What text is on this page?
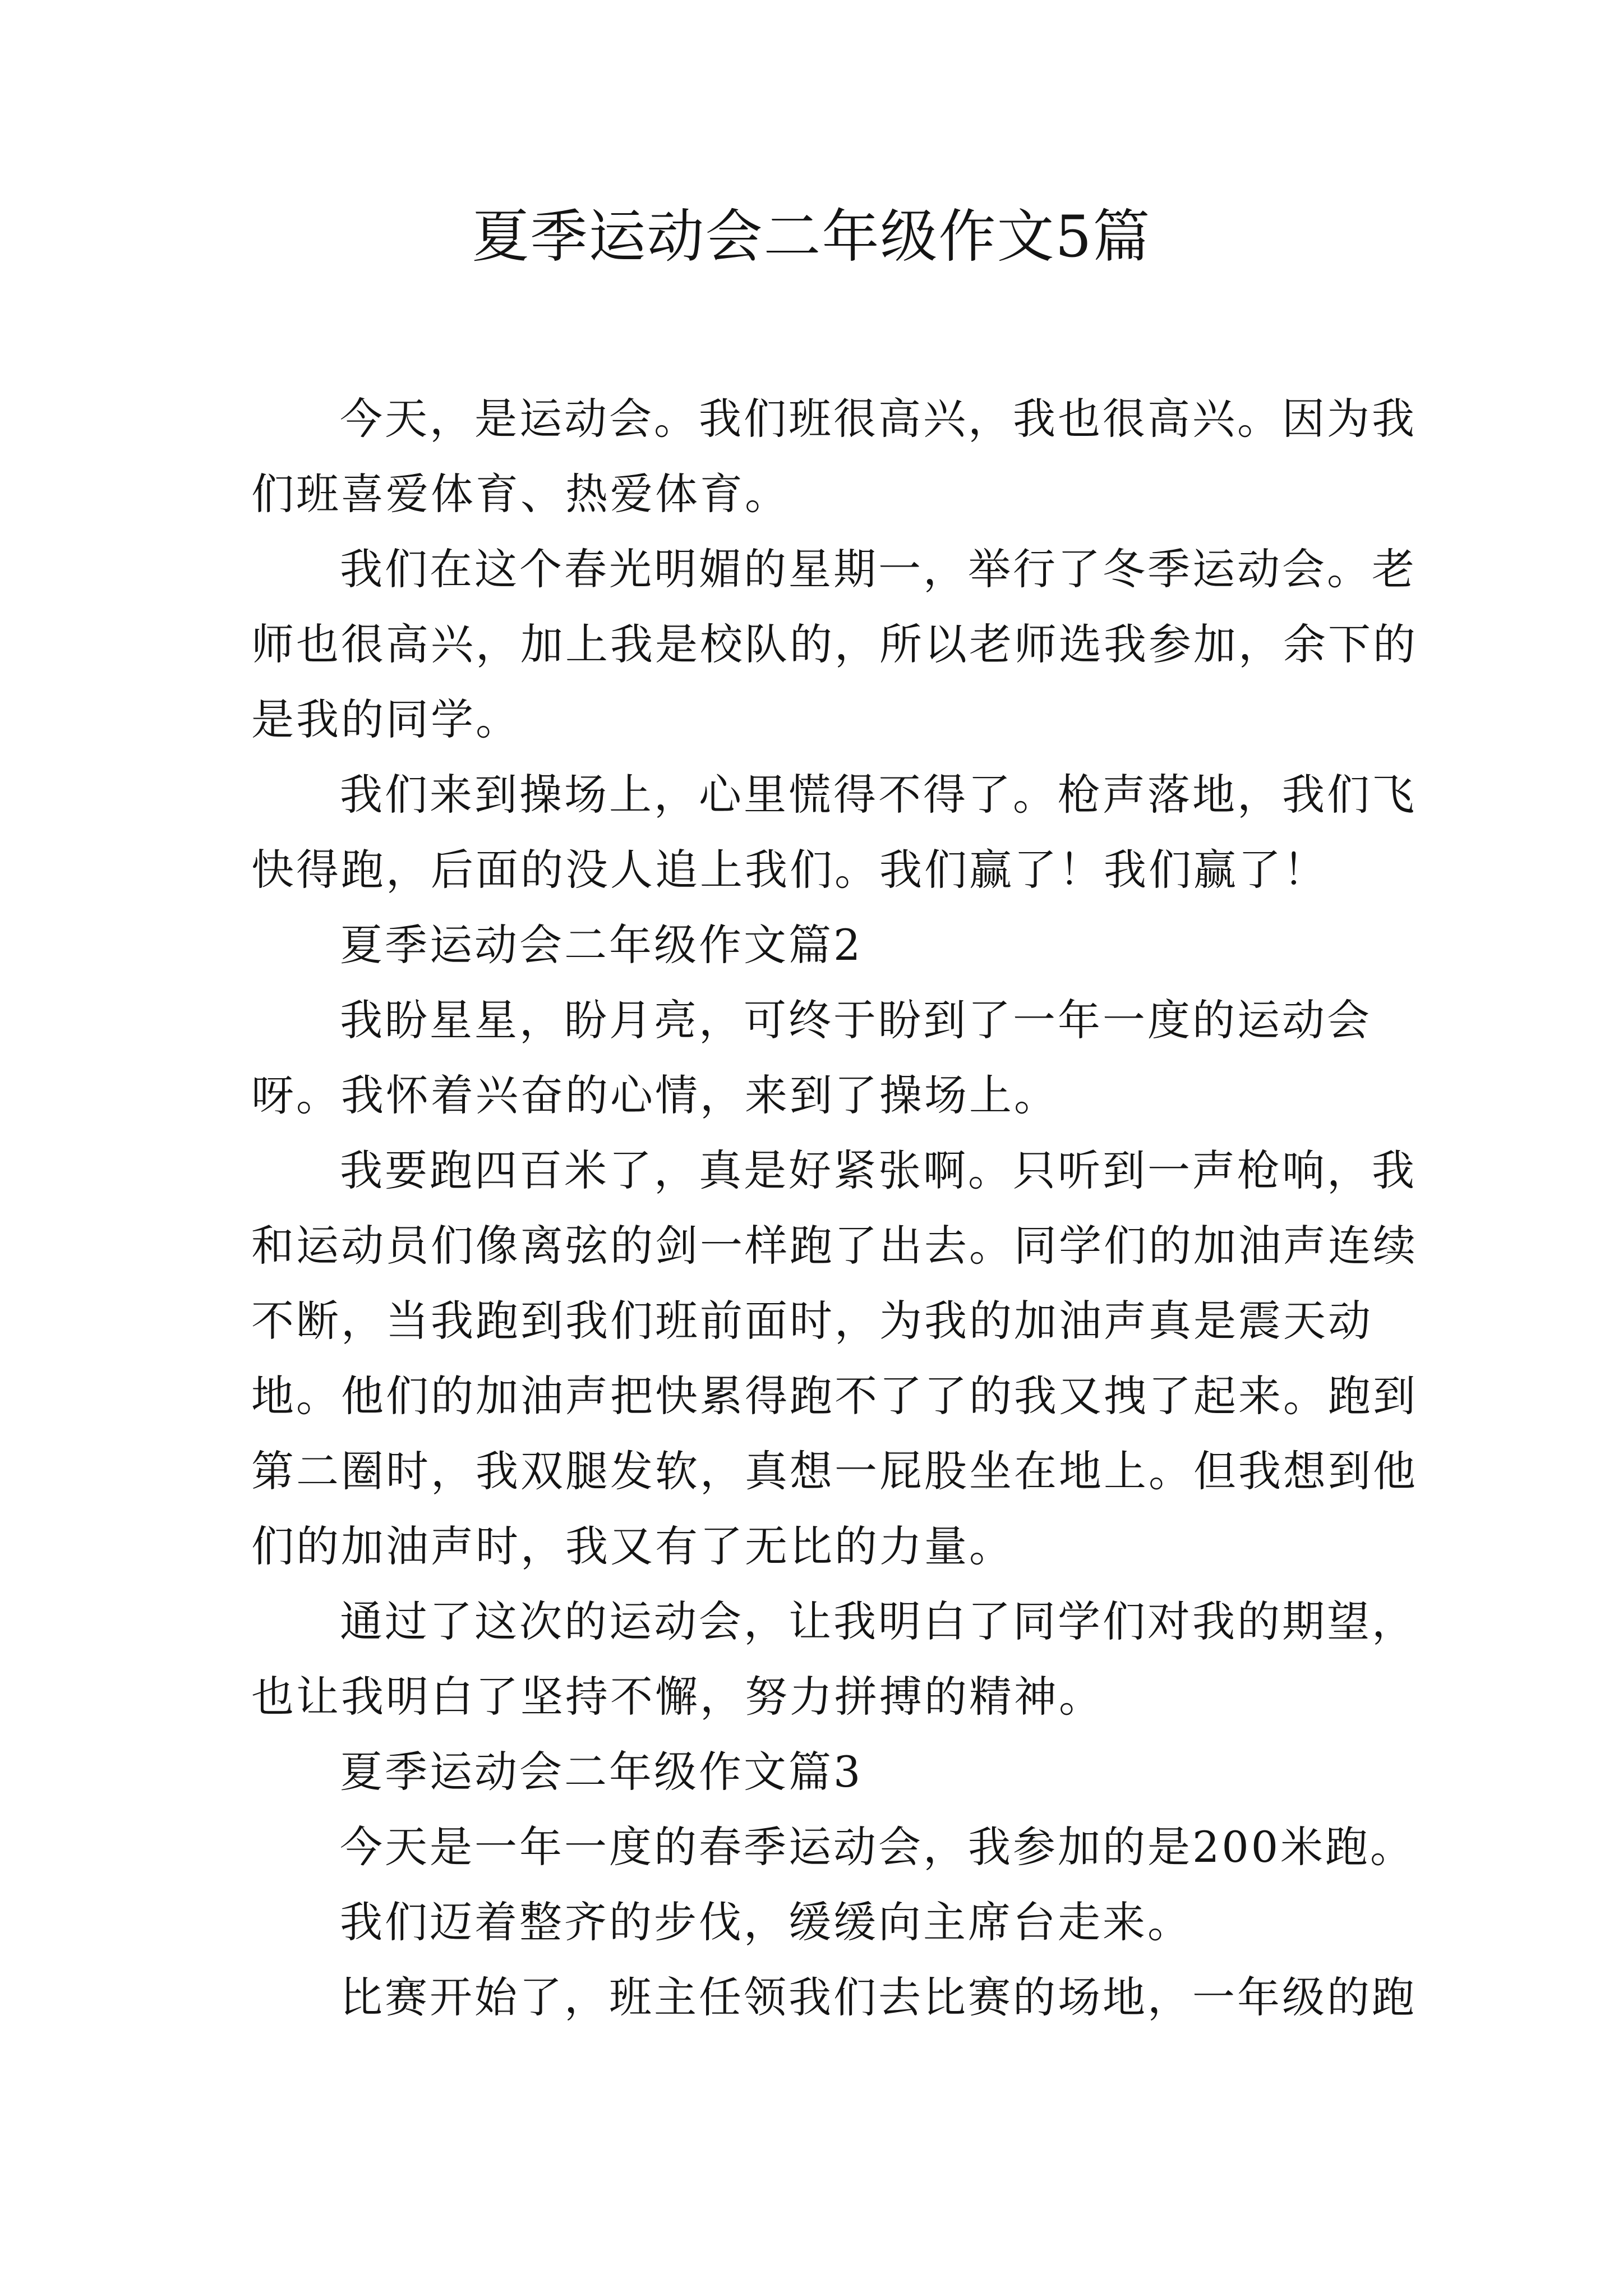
夏季运动会二年级作文5篇

今天，是运动会。我们班很高兴，我也很高兴。因为我们班喜爱体育、热爱体育。

我们在这个春光明媚的星期一，举行了冬季运动会。老师也很高兴，加上我是校队的，所以老师选我参加，余下的是我的同学。

我们来到操场上，心里慌得不得了。枪声落地，我们飞快得跑，后面的没人追上我们。我们赢了！我们赢了！

夏季运动会二年级作文篇2

我盼星星，盼月亮，可终于盼到了一年一度的运动会呀。我怀着兴奋的心情，来到了操场上。

我要跑四百米了，真是好紧张啊。只听到一声枪响，我和运动员们像离弦的剑一样跑了出去。同学们的加油声连续不断，当我跑到我们班前面时，为我的加油声真是震天动地。他们的加油声把快累得跑不了了的我又拽了起来。跑到第二圈时，我双腿发软，真想一屁股坐在地上。但我想到他们的加油声时，我又有了无比的力量。

通过了这次的运动会，让我明白了同学们对我的期望，也让我明白了坚持不懈，努力拼搏的精神。

夏季运动会二年级作文篇3

今天是一年一度的春季运动会，我参加的是200米跑。

我们迈着整齐的步伐，缓缓向主席台走来。

比赛开始了，班主任领我们去比赛的场地，一年级的跑
